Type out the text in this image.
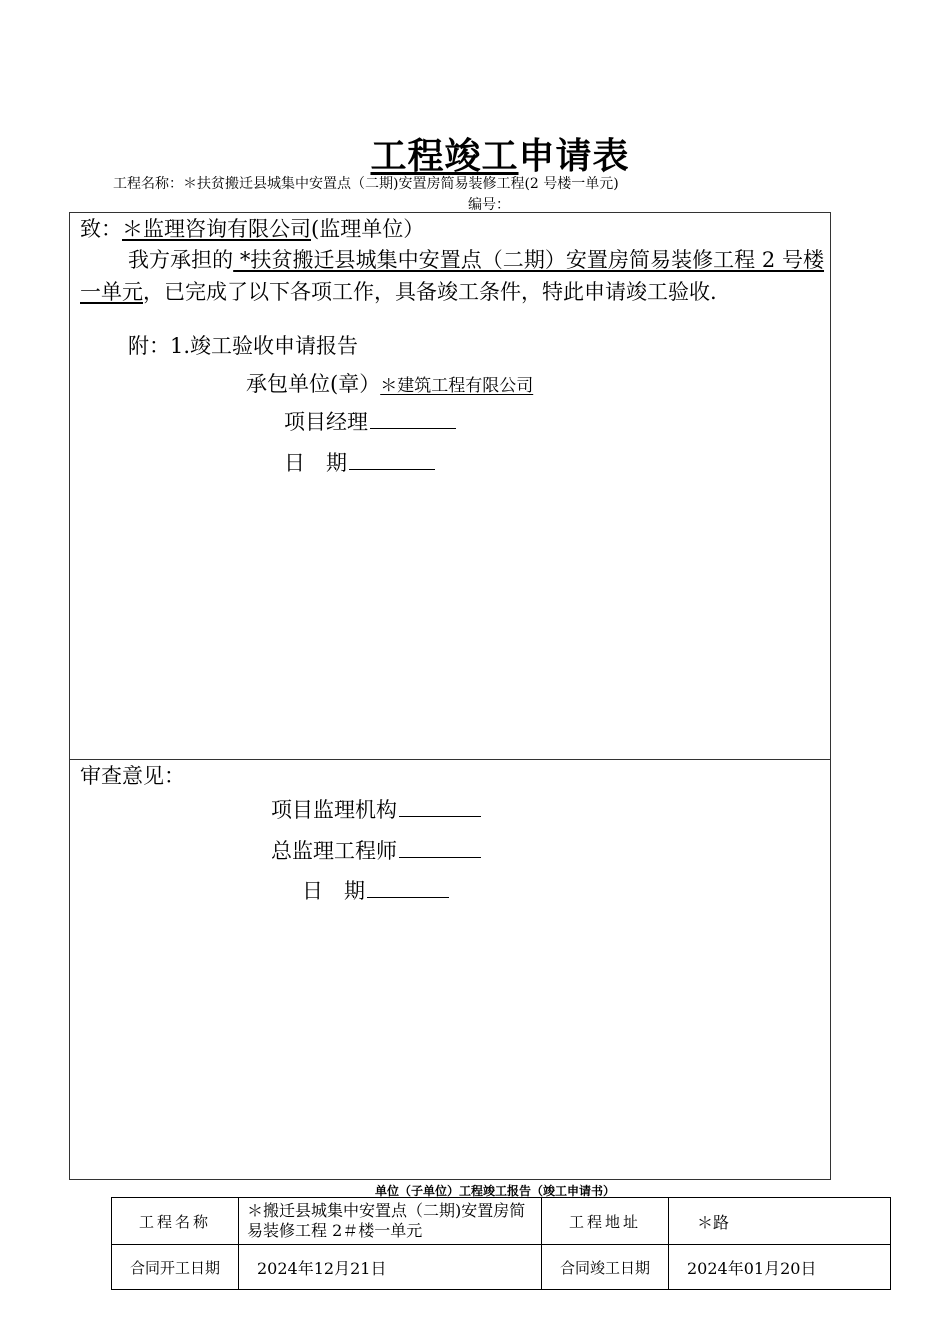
工程竣工申请表
工程名称：＊扶贫搬迁县城集中安置点（二期)安置房简易装修工程(2 号楼一单元)
编号：
致：＊监理咨询有限公司(监理单位）
我方承担的 *扶贫搬迁县城集中安置点（二期）安置房简易装修工程 2 号楼一单元，已完成了以下各项工作，具备竣工条件，特此申请竣工验收.
附：1.竣工验收申请报告
承包单位(章）＊建筑工程有限公司
项目经理
日　期
审查意见：
项目监理机构
总监理工程师
日　期
单位（子单位）工程竣工报告（竣工申请书）
工程名称	＊搬迁县城集中安置点（二期)安置房简易装修工程 2＃楼一单元	工程地址	＊路
合同开工日期	2024年12月21日	合同竣工日期	2024年01月20日
